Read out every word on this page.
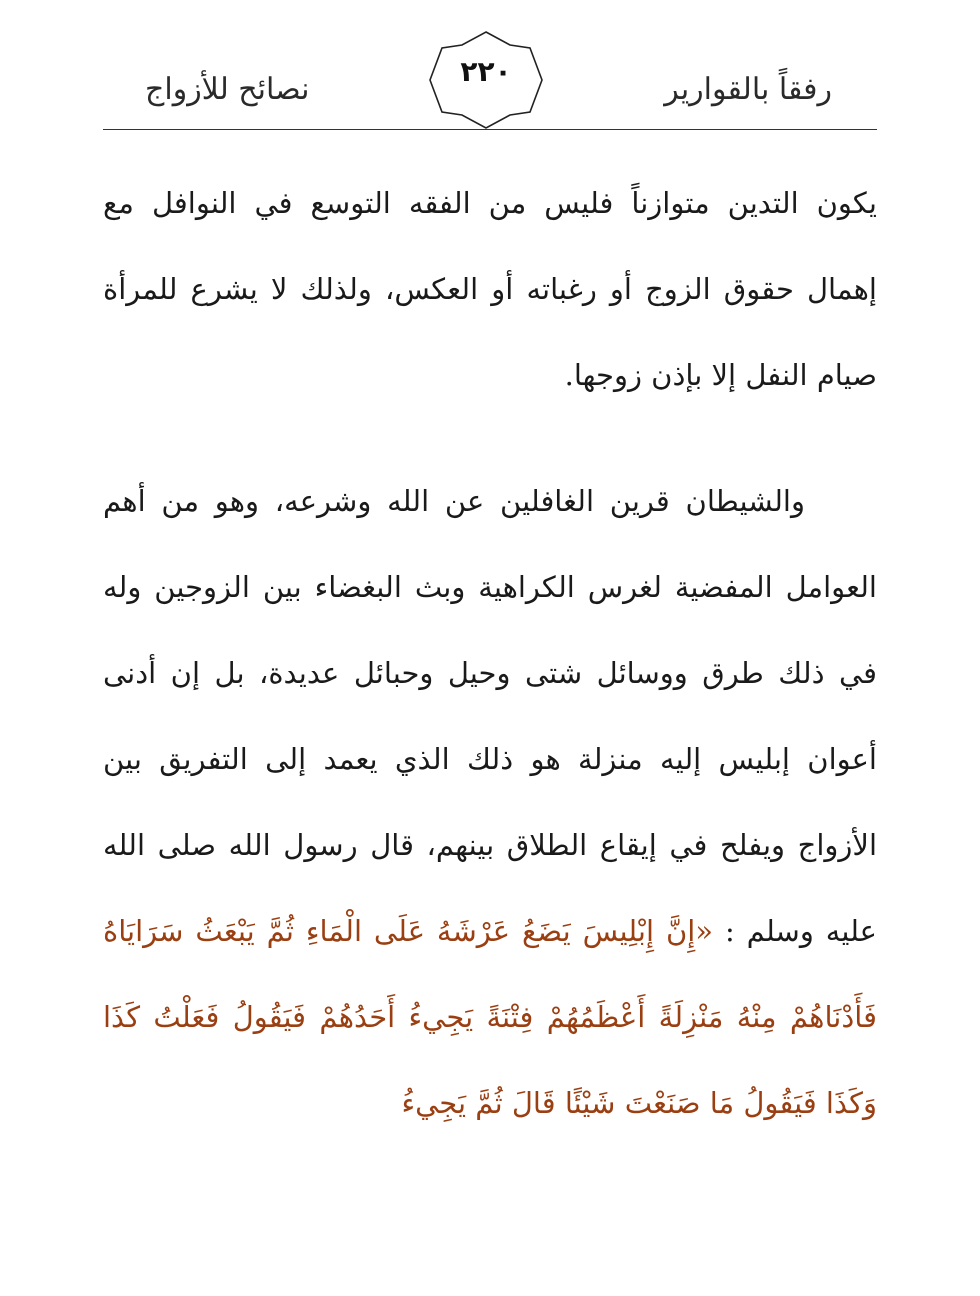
رفقاً بالقوارير
٢٢٠
نصائح للأزواج

يكون التدين متوازناً فليس من الفقه التوسع في النوافل مع إهمال حقوق الزوج أو رغباته أو العكس، ولذلك لا يشرع للمرأة صيام النفل إلا بإذن زوجها.

والشيطان قرين الغافلين عن الله وشرعه، وهو من أهم العوامل المفضية لغرس الكراهية وبث البغضاء بين الزوجين وله في ذلك طرق ووسائل شتى وحيل وحبائل عديدة، بل إن أدنى أعوان إبليس إليه منزلة هو ذلك الذي يعمد إلى التفريق بين الأزواج ويفلح في إيقاع الطلاق بينهم، قال رسول الله صلى الله عليه وسلم : «إِنَّ إِبْلِيسَ يَضَعُ عَرْشَهُ عَلَى الْمَاءِ ثُمَّ يَبْعَثُ سَرَايَاهُ فَأَدْنَاهُمْ مِنْهُ مَنْزِلَةً أَعْظَمُهُمْ فِتْنَةً يَجِيءُ أَحَدُهُمْ فَيَقُولُ فَعَلْتُ كَذَا وَكَذَا فَيَقُولُ مَا صَنَعْتَ شَيْئًا قَالَ ثُمَّ يَجِيءُ
